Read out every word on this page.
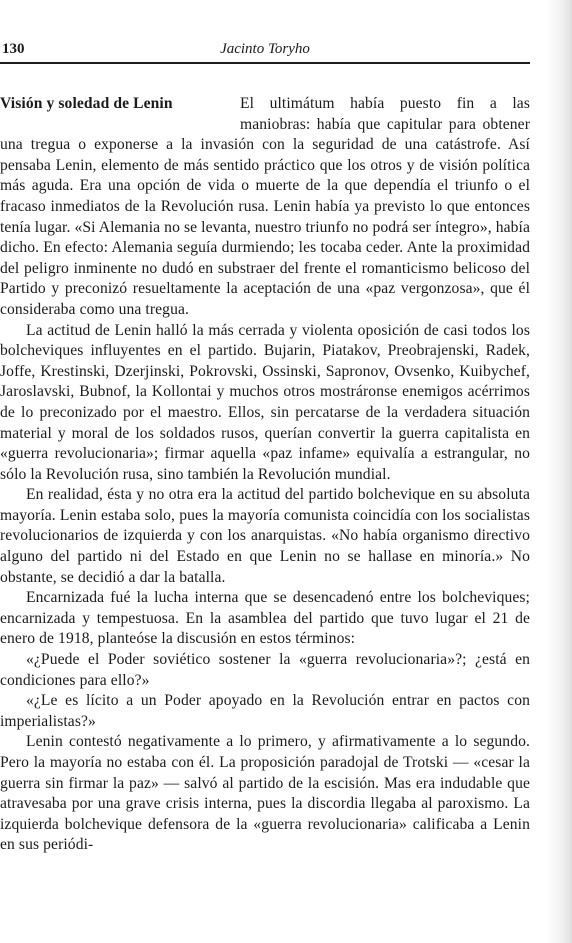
130	Jacinto Toryho
Visión y soledad de Lenin	El ultimátum había puesto fin a las maniobras: había que capitular para obtener una tregua o exponerse a la invasión con la seguridad de una catástrofe. Así pensaba Lenin, elemento de más sentido práctico que los otros y de visión política más aguda. Era una opción de vida o muerte de la que dependía el triunfo o el fracaso inmediatos de la Revolución rusa. Lenin había ya previsto lo que entonces tenía lugar. «Si Alemania no se levanta, nuestro triunfo no podrá ser íntegro», había dicho. En efecto: Alemania seguía durmiendo; les tocaba ceder. Ante la proximidad del peligro inminente no dudó en substraer del frente el romanticismo belicoso del Partido y preconizó resueltamente la aceptación de una «paz vergonzosa», que él consideraba como una tregua.

La actitud de Lenin halló la más cerrada y violenta oposición de casi todos los bolcheviques influyentes en el partido. Bujarin, Piatakov, Preobrajenski, Radek, Joffe, Krestinski, Dzerjinski, Pokrovski, Ossinski, Sapronov, Ovsenko, Kuibychef, Jaroslavski, Bubnof, la Kollontai y muchos otros mostráronse enemigos acérrimos de lo preconizado por el maestro. Ellos, sin percatarse de la verdadera situación material y moral de los soldados rusos, querían convertir la guerra capitalista en «guerra revolucionaria»; firmar aquella «paz infame» equivalía a estrangular, no sólo la Revolución rusa, sino también la Revolución mundial.

En realidad, ésta y no otra era la actitud del partido bolchevique en su absoluta mayoría. Lenin estaba solo, pues la mayoría comunista coincidía con los socialistas revolucionarios de izquierda y con los anarquistas. «No había organismo directivo alguno del partido ni del Estado en que Lenin no se hallase en minoría.» No obstante, se decidió a dar la batalla.

Encarnizada fué la lucha interna que se desencadenó entre los bolcheviques; encarnizada y tempestuosa. En la asamblea del partido que tuvo lugar el 21 de enero de 1918, planteóse la discusión en estos términos:

«¿Puede el Poder soviético sostener la «guerra revolucionaria»?; ¿está en condiciones para ello?»

«¿Le es lícito a un Poder apoyado en la Revolución entrar en pactos con imperialistas?»

Lenin contestó negativamente a lo primero, y afirmativamente a lo segundo. Pero la mayoría no estaba con él. La proposición paradojal de Trotski — «cesar la guerra sin firmar la paz» — salvó al partido de la escisión. Mas era indudable que atravesaba por una grave crisis interna, pues la discordia llegaba al paroxismo. La izquierda bolchevique defensora de la «guerra revolucionaria» calificaba a Lenin en sus periódi-
